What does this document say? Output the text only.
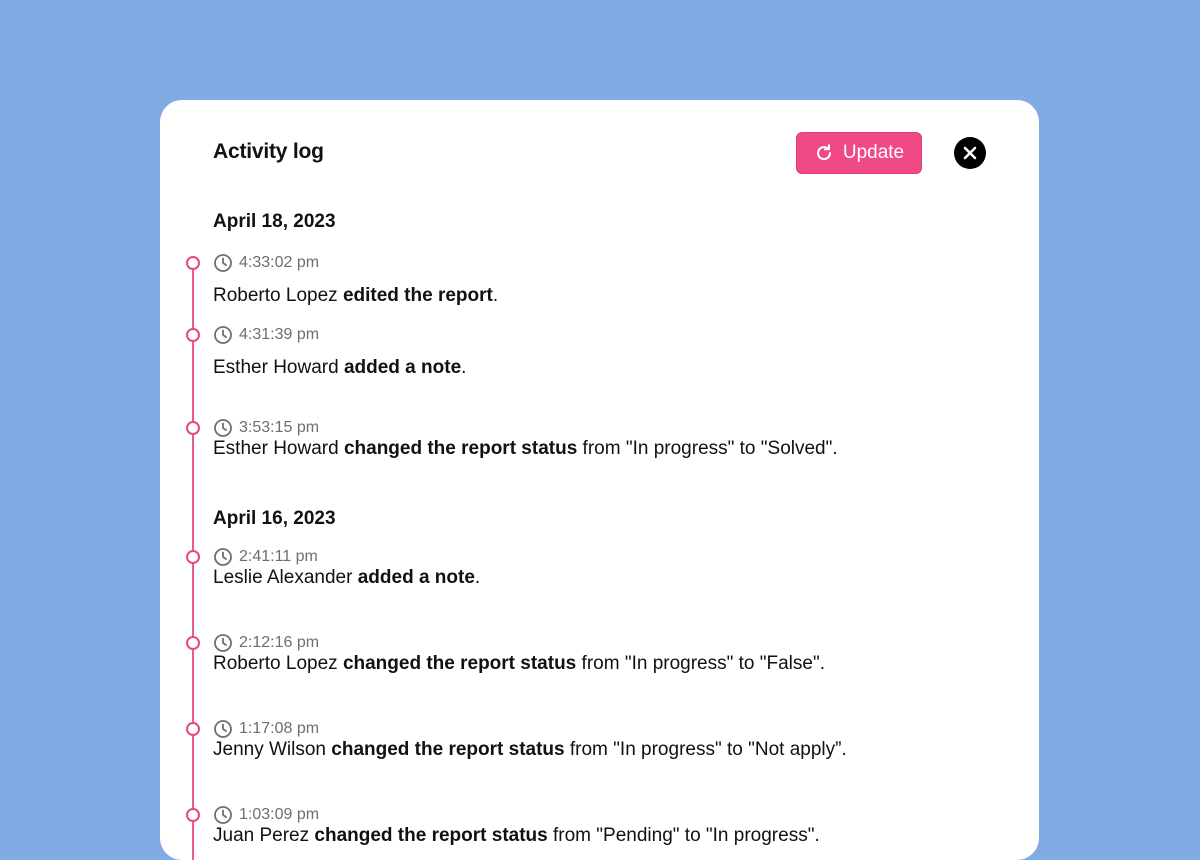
Activity log	Update
April 18, 2023
4:33:02 pm
Roberto Lopez edited the report.
4:31:39 pm
Esther Howard added a note.
3:53:15 pm
Esther Howard changed the report status from "In progress" to "Solved".
April 16, 2023
2:41:11 pm
Leslie Alexander added a note.
2:12:16 pm
Roberto Lopez changed the report status from "In progress" to "False".
1:17:08 pm
Jenny Wilson changed the report status from "In progress" to "Not apply”.
1:03:09 pm
Juan Perez changed the report status from "Pending" to "In progress".
